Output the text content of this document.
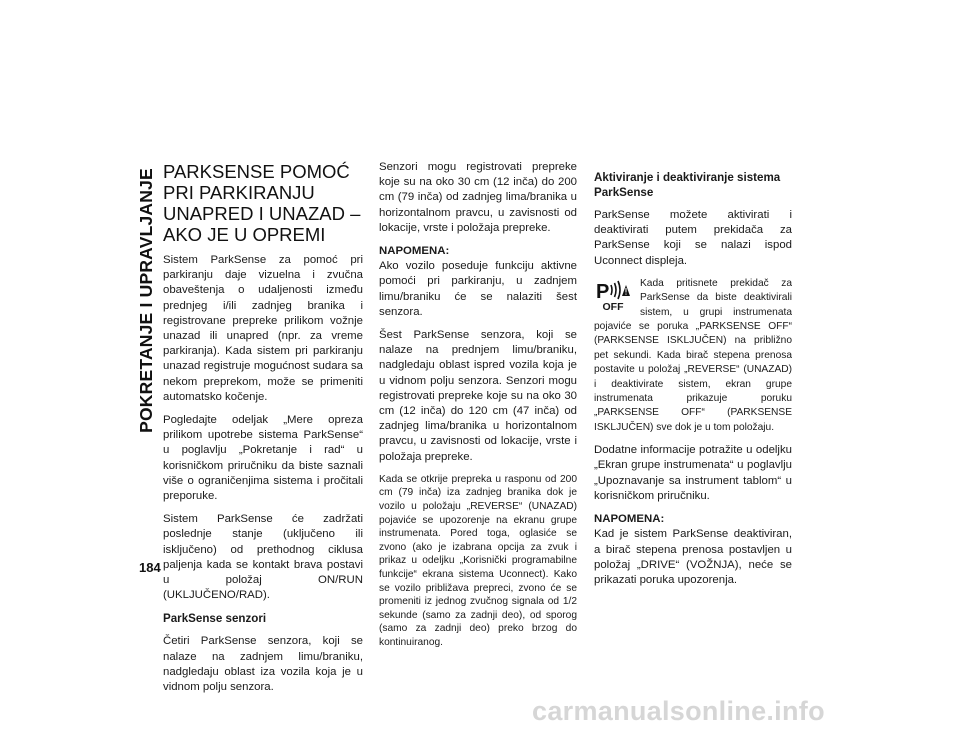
POKRETANJE I UPRAVLJANJE
184
PARKSENSE POMOĆ PRI PARKIRANJU UNAPRED I UNAZAD – AKO JE U OPREMI

Sistem ParkSense za pomoć pri parkiranju daje vizuelna i zvučna obaveštenja o udaljenosti između prednjeg i/ili zadnjeg branika i registrovane prepreke prilikom vožnje unazad ili unapred (npr. za vreme parkiranja). Kada sistem pri parkiranju unazad registruje mogućnost sudara sa nekom preprekom, može se primeniti automatsko kočenje.

Pogledajte odeljak „Mere opreza prilikom upotrebe sistema ParkSense“ u poglavlju „Pokretanje i rad“ u korisničkom priručniku da biste saznali više o ograničenjima sistema i pročitali preporuke.

Sistem ParkSense će zadržati poslednje stanje (uključeno ili isključeno) od prethodnog ciklusa paljenja kada se kontakt brava postavi u položaj ON/RUN (UKLJUČENO/RAD).

ParkSense senzori

Četiri ParkSense senzora, koji se nalaze na zadnjem limu/braniku, nadgledaju oblast iza vozila koja je u vidnom polju senzora.

Senzori mogu registrovati prepreke koje su na oko 30 cm (12 inča) do 200 cm (79 inča) od zadnjeg lima/branika u horizontalnom pravcu, u zavisnosti od lokacije, vrste i položaja prepreke.

NAPOMENA:
Ako vozilo poseduje funkciju aktivne pomoći pri parkiranju, u zadnjem limu/braniku će se nalaziti šest senzora.

Šest ParkSense senzora, koji se nalaze na prednjem limu/braniku, nadgledaju oblast ispred vozila koja je u vidnom polju senzora. Senzori mogu registrovati prepreke koje su na oko 30 cm (12 inča) do 120 cm (47 inča) od zadnjeg lima/branika u horizontalnom pravcu, u zavisnosti od lokacije, vrste i položaja prepreke.

Kada se otkrije prepreka u rasponu od 200 cm (79 inča) iza zadnjeg branika dok je vozilo u položaju „REVERSE“ (UNAZAD) pojaviće se upozorenje na ekranu grupe instrumenata. Pored toga, oglasiće se zvono (ako je izabrana opcija za zvuk i prikaz u odeljku „Korisnički programabilne funkcije“ ekrana sistema Uconnect). Kako se vozilo približava prepreci, zvono će se promeniti iz jednog zvučnog signala od 1/2 sekunde (samo za zadnji deo), od sporog (samo za zadnji deo) preko brzog do kontinuiranog.

Aktiviranje i deaktiviranje sistema ParkSense

ParkSense možete aktivirati i deaktivirati putem prekidača za ParkSense koji se nalazi ispod Uconnect displeja.

P
OFF

Kada pritisnete prekidač za ParkSense da biste deaktivirali sistem, u grupi instrumenata pojaviće se poruka „PARKSENSE OFF“ (PARKSENSE ISKLJUČEN) na približno pet sekundi. Kada birač stepena prenosa postavite u položaj „REVERSE“ (UNAZAD) i deaktivirate sistem, ekran grupe instrumenata prikazuje poruku „PARKSENSE OFF“ (PARKSENSE ISKLJUČEN) sve dok je u tom položaju.

Dodatne informacije potražite u odeljku „Ekran grupe instrumenata“ u poglavlju „Upoznavanje sa instrument tablom“ u korisničkom priručniku.

NAPOMENA:
Kad je sistem ParkSense deaktiviran, a birač stepena prenosa postavljen u položaj „DRIVE“ (VOŽNJA), neće se prikazati poruka upozorenja.

carmanualsonline.info
